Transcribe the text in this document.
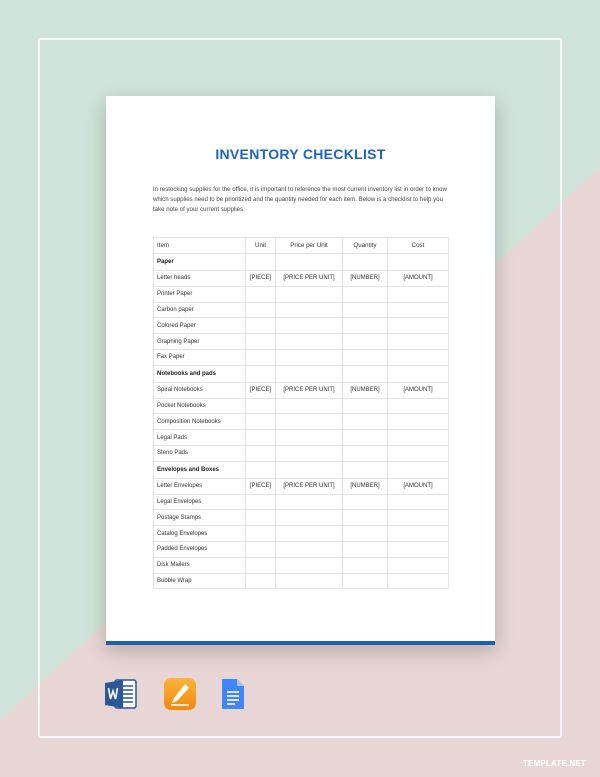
INVENTORY CHECKLIST
In restocking supplies for the office, it is important to reference the most current inventory list in order to know which supplies need to be prioritized and the quantity needed for each item. Below is a checklist to help you take note of your current supplies.
Item	Unit	Price per Unit	Quantity	Cost
Paper				
Letter heads	[PIECE]	[PRICE PER UNIT]	[NUMBER]	[AMOUNT]
Printer Paper				
Carbon paper				
Colored Paper				
Graphing Paper				
Fax Paper				
Notebooks and pads				
Spiral Notebooks	[PIECE]	[PRICE PER UNIT]	[NUMBER]	[AMOUNT]
Pocket Notebooks				
Composition Notebooks				
Legal Pads				
Steno Pads				
Envelopes and Boxes				
Letter Envelopes	[PIECE]	[PRICE PER UNIT]	[NUMBER]	[AMOUNT]
Legal Envelopes				
Postage Stamps				
Catalog Envelopes				
Padded Envelopes				
Disk Mailers				
Bubble Wrap				
TEMPLATE.NET
